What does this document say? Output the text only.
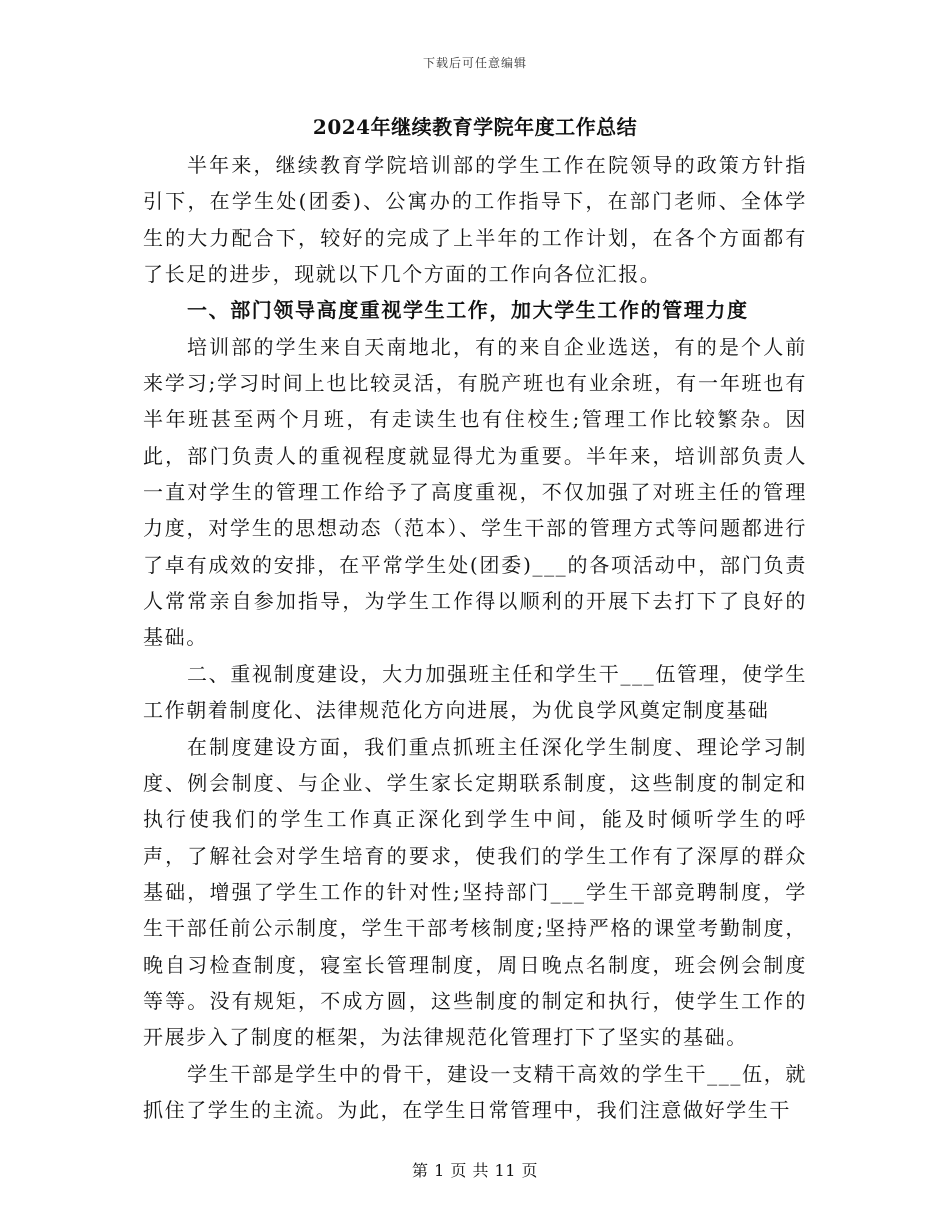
下载后可任意编辑
2024年继续教育学院年度工作总结

半年来，继续教育学院培训部的学生工作在院领导的政策方针指引下，在学生处(团委)、公寓办的工作指导下，在部门老师、全体学生的大力配合下，较好的完成了上半年的工作计划，在各个方面都有了长足的进步，现就以下几个方面的工作向各位汇报。

一、部门领导高度重视学生工作，加大学生工作的管理力度

培训部的学生来自天南地北，有的来自企业选送，有的是个人前来学习;学习时间上也比较灵活，有脱产班也有业余班，有一年班也有半年班甚至两个月班，有走读生也有住校生;管理工作比较繁杂。因此，部门负责人的重视程度就显得尤为重要。半年来，培训部负责人一直对学生的管理工作给予了高度重视，不仅加强了对班主任的管理力度，对学生的思想动态（范本）、学生干部的管理方式等问题都进行了卓有成效的安排，在平常学生处(团委)___的各项活动中，部门负责人常常亲自参加指导，为学生工作得以顺利的开展下去打下了良好的基础。

二、重视制度建设，大力加强班主任和学生干___伍管理，使学生工作朝着制度化、法律规范化方向进展，为优良学风奠定制度基础

在制度建设方面，我们重点抓班主任深化学生制度、理论学习制度、例会制度、与企业、学生家长定期联系制度，这些制度的制定和执行使我们的学生工作真正深化到学生中间，能及时倾听学生的呼声，了解社会对学生培育的要求，使我们的学生工作有了深厚的群众基础，增强了学生工作的针对性;坚持部门___学生干部竞聘制度，学生干部任前公示制度，学生干部考核制度;坚持严格的课堂考勤制度，晚自习检查制度，寝室长管理制度，周日晚点名制度，班会例会制度等等。没有规矩，不成方圆，这些制度的制定和执行，使学生工作的开展步入了制度的框架，为法律规范化管理打下了坚实的基础。

学生干部是学生中的骨干，建设一支精干高效的学生干___伍，就抓住了学生的主流。为此，在学生日常管理中，我们注意做好学生干

第 1 页 共 11 页
